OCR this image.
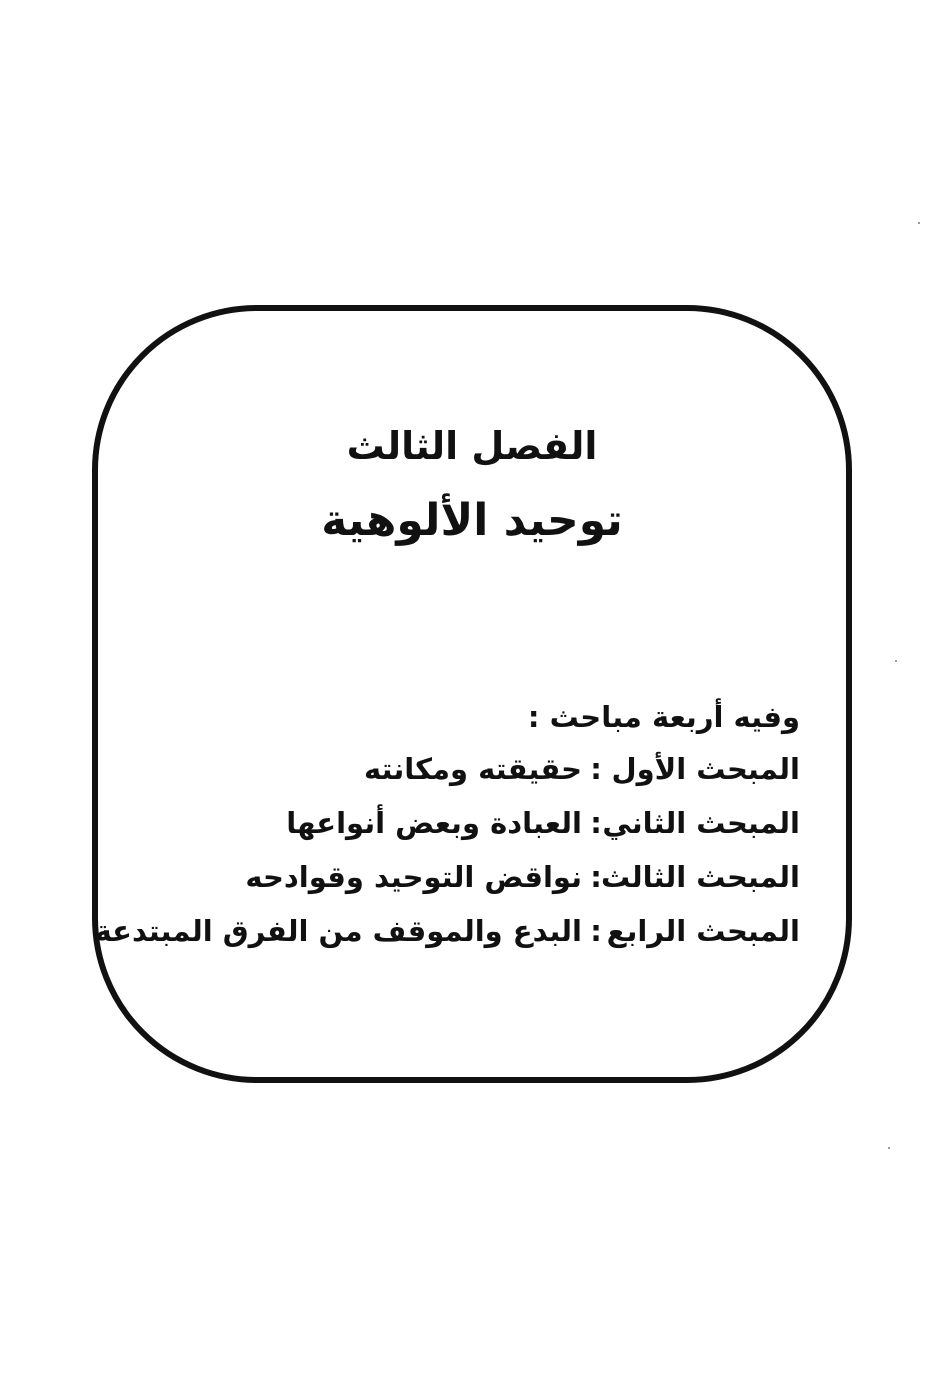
الفصل الثالث
توحيد الألوهية
وفيه أربعة مباحث :
المبحث الأول:حقيقته ومكانته
المبحث الثاني:العبادة وبعض أنواعها
المبحث الثالث:نواقض التوحيد وقوادحه
المبحث الرابع:البدع والموقف من الفرق المبتدعة
